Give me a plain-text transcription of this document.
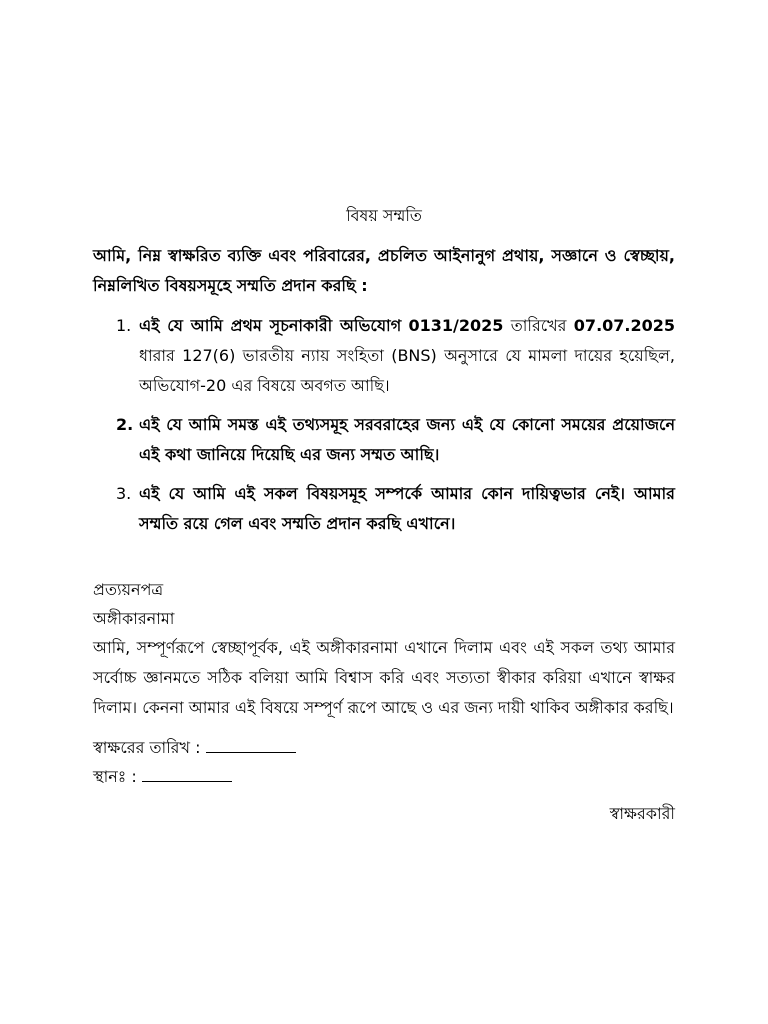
বিষয় সম্মতি

আমি, নিম্ন স্বাক্ষরিত ব্যক্তি এবং পরিবারের, প্রচলিত আইনানুগ প্রথায়, সজ্ঞানে ও স্বেচ্ছায়, নিম্নলিখিত বিষয়সমূহে সম্মতি প্রদান করছি :

1. এই যে আমি প্রথম সূচনাকারী অভিযোগ 0131/2025 তারিখের 07.07.2025 ধারার 127(6) ভারতীয় ন্যায় সংহিতা (BNS) অনুসারে যে মামলা দায়ের হয়েছিল, অভিযোগ-20 এর বিষয়ে অবগত আছি।
2. এই যে আমি সমস্ত এই তথ্যসমূহ সরবরাহের জন্য এই যে কোনো সময়ের প্রয়োজনে এই কথা জানিয়ে দিয়েছি এর জন্য সম্মত আছি।
3. এই যে আমি এই সকল বিষয়সমূহ সম্পর্কে আমার কোন দায়িত্বভার নেই। আমার সম্মতি রয়ে গেল এবং সম্মতি প্রদান করছি এখানে।

প্রত্যয়নপত্র

অঙ্গীকারনামা

আমি, সম্পূর্ণরূপে স্বেচ্ছাপূর্বক, এই অঙ্গীকারনামা এখানে দিলাম এবং এই সকল তথ্য আমার সর্বোচ্চ জ্ঞানমতে সঠিক বলিয়া আমি বিশ্বাস করি এবং সত্যতা স্বীকার করিয়া এখানে স্বাক্ষর দিলাম। কেননা আমার এই বিষয়ে সম্পূর্ণ রূপে আছে ও এর জন্য দায়ী থাকিব অঙ্গীকার করছি।

স্বাক্ষরের তারিখ :

স্থানঃ :

স্বাক্ষরকারী
